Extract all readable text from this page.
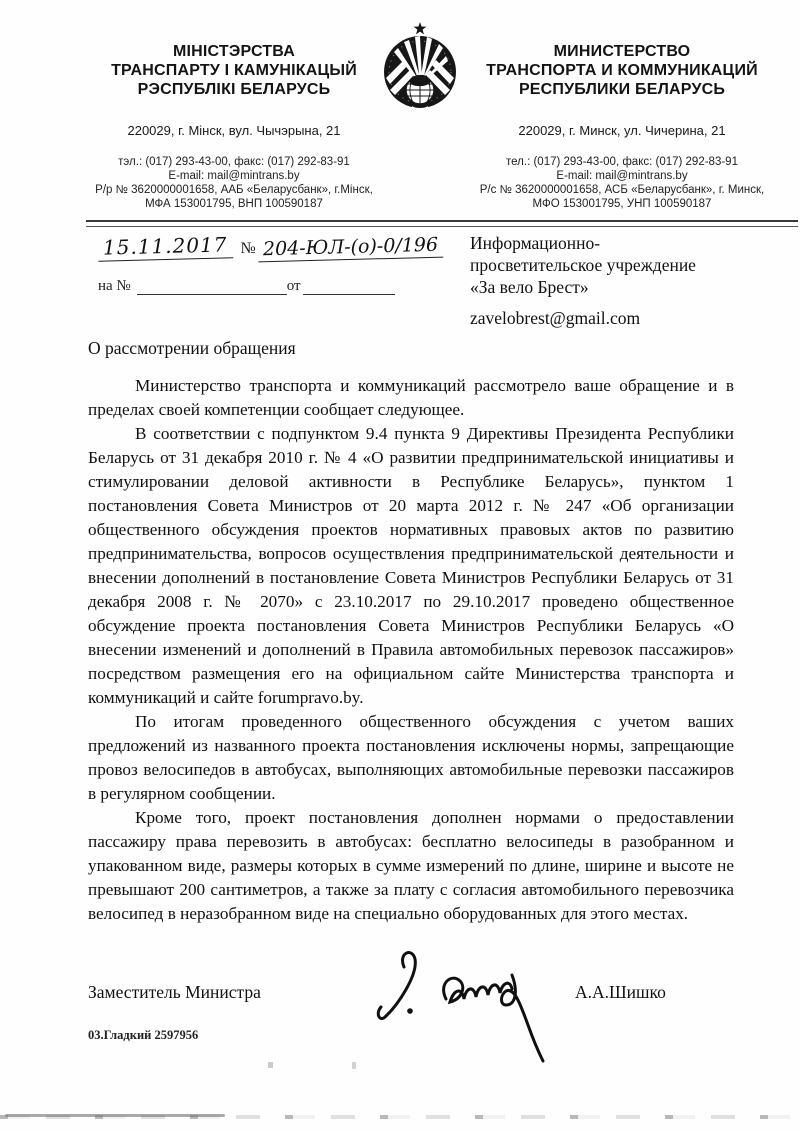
МІНІСТЭРСТВА
ТРАНСПАРТУ І КАМУНІКАЦЫЙ
РЭСПУБЛІКІ БЕЛАРУСЬ
220029, г. Мінск, вул. Чычэрына, 21
тэл.: (017) 293-43-00, факс: (017) 292-83-91
E-mail: mail@mintrans.by
Р/р № 3620000001658, ААБ «Беларусбанк», г.Мінск,
МФА 153001795, ВНП 100590187
МИНИСТЕРСТВО
ТРАНСПОРТА И КОММУНИКАЦИЙ
РЕСПУБЛИКИ БЕЛАРУСЬ
220029, г. Минск, ул. Чичерина, 21
тел.: (017) 293-43-00, факс: (017) 292-83-91
E-mail: mail@mintrans.by
Р/с № 3620000001658, АСБ «Беларусбанк», г. Минск,
МФО 153001795, УНП 100590187
15.11.2017 № 204-ЮЛ-(о)-0/196
на №	от
Информационно-
просветительское учреждение
«За вело Брест»
zavelobrest@gmail.com
О рассмотрении обращения

Министерство транспорта и коммуникаций рассмотрело ваше обращение и в пределах своей компетенции сообщает следующее.

В соответствии с подпунктом 9.4 пункта 9 Директивы Президента Республики Беларусь от 31 декабря 2010 г. № 4 «О развитии предпринимательской инициативы и стимулировании деловой активности в Республике Беларусь», пунктом 1 постановления Совета Министров от 20 марта 2012 г. № 247 «Об организации общественного обсуждения проектов нормативных правовых актов по развитию предпринимательства, вопросов осуществления предпринимательской деятельности и внесении дополнений в постановление Совета Министров Республики Беларусь от 31 декабря 2008 г. № 2070» с 23.10.2017 по 29.10.2017 проведено общественное обсуждение проекта постановления Совета Министров Республики Беларусь «О внесении изменений и дополнений в Правила автомобильных перевозок пассажиров» посредством размещения его на официальном сайте Министерства транспорта и коммуникаций и сайте forumpravo.by.

По итогам проведенного общественного обсуждения с учетом ваших предложений из названного проекта постановления исключены нормы, запрещающие провоз велосипедов в автобусах, выполняющих автомобильные перевозки пассажиров в регулярном сообщении.

Кроме того, проект постановления дополнен нормами о предоставлении пассажиру права перевозить в автобусах: бесплатно велосипеды в разобранном и упакованном виде, размеры которых в сумме измерений по длине, ширине и высоте не превышают 200 сантиметров, а также за плату с согласия автомобильного перевозчика велосипед в неразобранном виде на специально оборудованных для этого местах.

Заместитель Министра	А.А.Шишко
03.Гладкий 2597956
